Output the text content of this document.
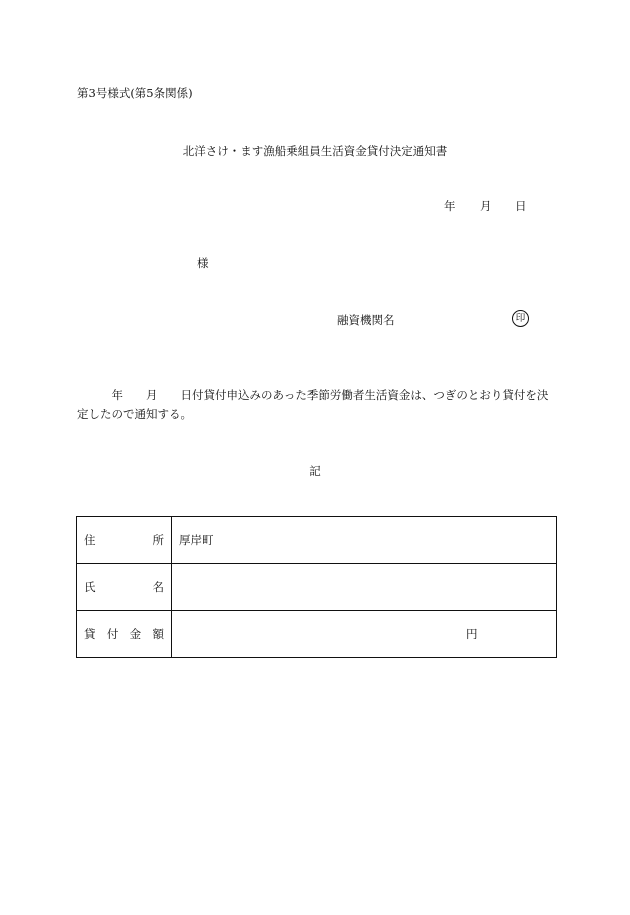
第3号様式(第5条関係)
北洋さけ・ます漁船乗組員生活資金貸付決定通知書
年 月 日
様
融資機関名	印
　　　年　　月　　日付貸付申込みのあった季節労働者生活資金は、つぎのとおり貸付を決定したので通知する。
記
住 所	厚岸町

氏 名	

貸 付 金 額	円
